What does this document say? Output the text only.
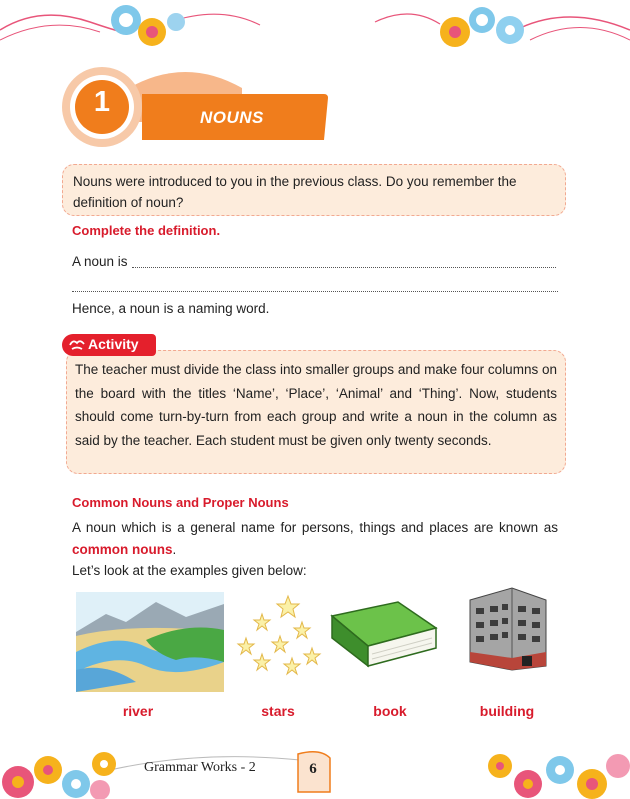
1	NOUNS
Nouns were introduced to you in the previous class. Do you remember the definition of noun?
Complete the definition.
A noun is
Hence, a noun is a naming word.
The teacher must divide the class into smaller groups and make four columns on the board with the titles ‘Name’, ‘Place’, ‘Animal’ and ‘Thing’. Now, students should come turn-by-turn from each group and write a noun in the column as said by the teacher. Each student must be given only twenty seconds.
Activity
Common Nouns and Proper Nouns
A noun which is a general name for persons, things and places are known as common nouns.
Let’s look at the examples given below:
river	stars	book	building
Grammar Works - 2	6
